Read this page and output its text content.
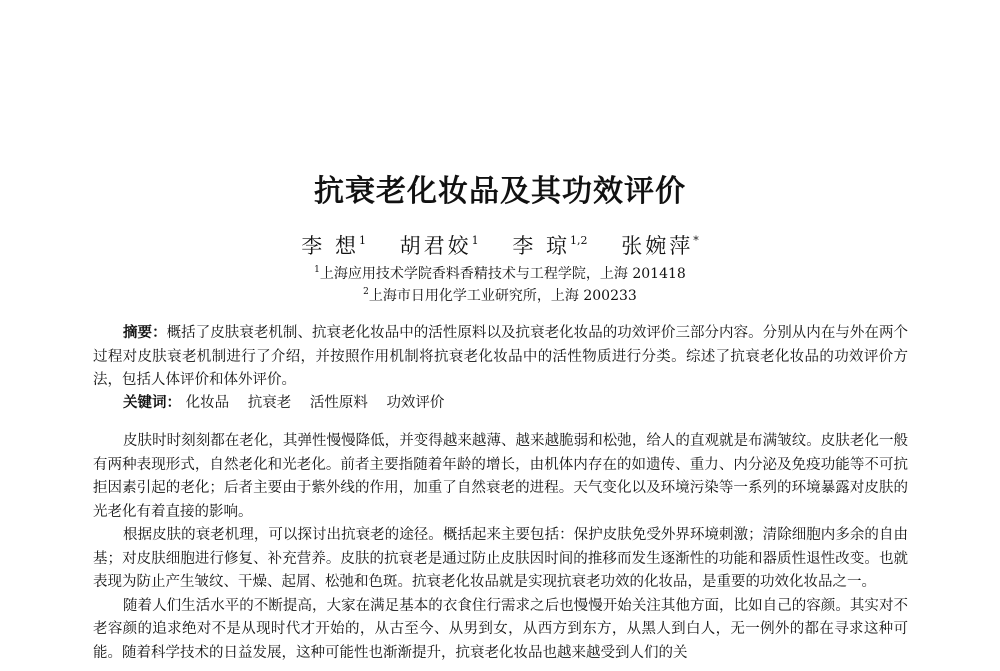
抗衰老化妆品及其功效评价
李 想$^1$ 胡君姣$^1$ 李 琼$^{1,2}$ 张婉萍*
$^1$上海应用技术学院香料香精技术与工程学院，上海 201418
$^2$上海市日用化学工业研究所，上海 200233
摘要：概括了皮肤衰老机制、抗衰老化妆品中的活性原料以及抗衰老化妆品的功效评价三部分内容。分别从内在与外在两个过程对皮肤衰老机制进行了介绍，并按照作用机制将抗衰老化妆品中的活性物质进行分类。综述了抗衰老化妆品的功效评价方法，包括人体评价和体外评价。
关键词： 化妆品 抗衰老 活性原料 功效评价

皮肤时时刻刻都在老化，其弹性慢慢降低，并变得越来越薄、越来越脆弱和松弛，给人的直观就是布满皱纹。皮肤老化一般有两种表现形式，自然老化和光老化。前者主要指随着年龄的增长，由机体内存在的如遗传、重力、内分泌及免疫功能等不可抗拒因素引起的老化；后者主要由于紫外线的作用，加重了自然衰老的进程。天气变化以及环境污染等一系列的环境暴露对皮肤的光老化有着直接的影响。

根据皮肤的衰老机理，可以探讨出抗衰老的途径。概括起来主要包括：保护皮肤免受外界环境刺激；清除细胞内多余的自由基；对皮肤细胞进行修复、补充营养。皮肤的抗衰老是通过防止皮肤因时间的推移而发生逐渐性的功能和器质性退性改变。也就表现为防止产生皱纹、干燥、起屑、松弛和色斑。抗衰老化妆品就是实现抗衰老功效的化妆品，是重要的功效化妆品之一。

随着人们生活水平的不断提高，大家在满足基本的衣食住行需求之后也慢慢开始关注其他方面，比如自己的容颜。其实对不老容颜的追求绝对不是从现时代才开始的，从古至今、从男到女，从西方到东方，从黑人到白人，无一例外的都在寻求这种可能。随着科学技术的日益发展，这种可能性也渐渐提升，抗衰老化妆品也越来越受到人们的关
